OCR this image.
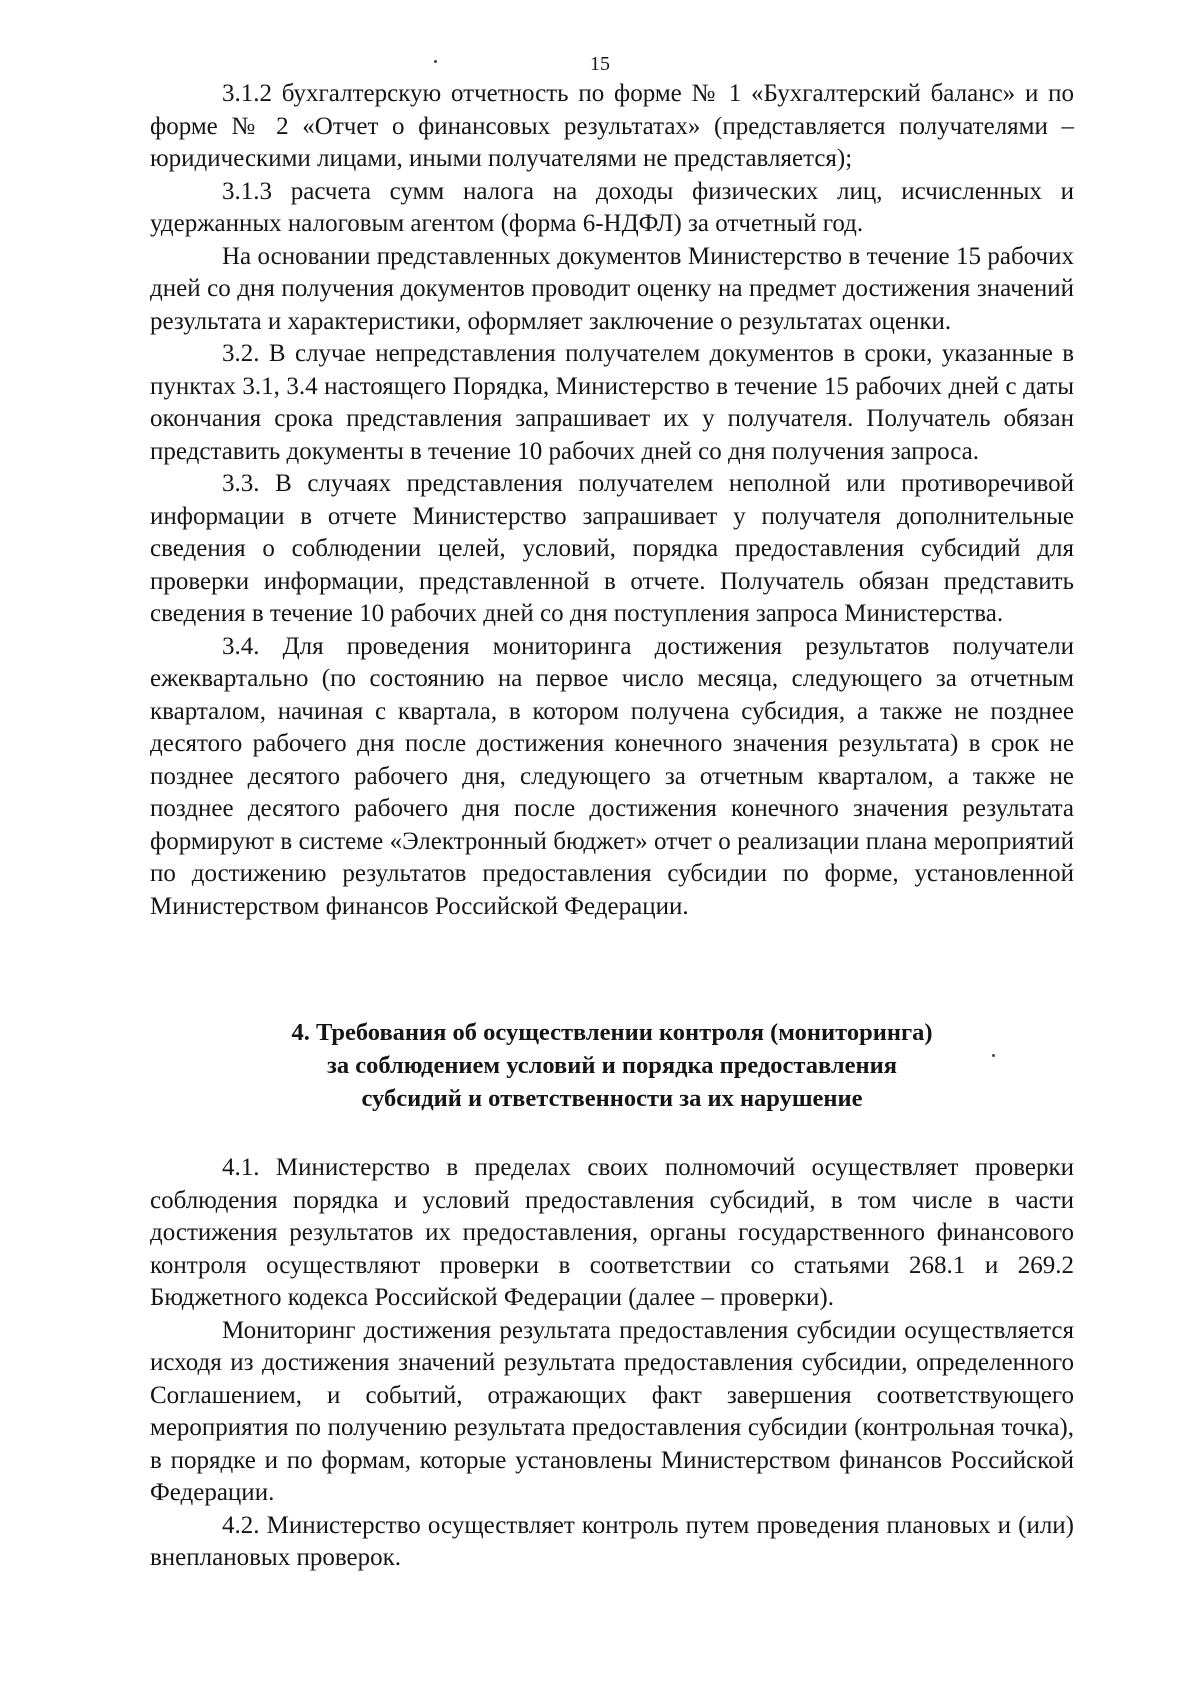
15

3.1.2 бухгалтерскую отчетность по форме № 1 «Бухгалтерский баланс» и по форме № 2 «Отчет о финансовых результатах» (представляется получателями – юридическими лицами, иными получателями не представляется);

3.1.3 расчета сумм налога на доходы физических лиц, исчисленных и удержанных налоговым агентом (форма 6-НДФЛ) за отчетный год.

На основании представленных документов Министерство в течение 15 рабочих дней со дня получения документов проводит оценку на предмет достижения значений результата и характеристики, оформляет заключение о результатах оценки.

3.2. В случае непредставления получателем документов в сроки, указанные в пунктах 3.1, 3.4 настоящего Порядка, Министерство в течение 15 рабочих дней с даты окончания срока представления запрашивает их у получателя. Получатель обязан представить документы в течение 10 рабочих дней со дня получения запроса.

3.3. В случаях представления получателем неполной или противоречивой информации в отчете Министерство запрашивает у получателя дополнительные сведения о соблюдении целей, условий, порядка предоставления субсидий для проверки информации, представленной в отчете. Получатель обязан представить сведения в течение 10 рабочих дней со дня поступления запроса Министерства.

3.4. Для проведения мониторинга достижения результатов получатели ежеквартально (по состоянию на первое число месяца, следующего за отчетным кварталом, начиная с квартала, в котором получена субсидия, а также не позднее десятого рабочего дня после достижения конечного значения результата) в срок не позднее десятого рабочего дня, следующего за отчетным кварталом, а также не позднее десятого рабочего дня после достижения конечного значения результата формируют в системе «Электронный бюджет» отчет о реализации плана мероприятий по достижению результатов предоставления субсидии по форме, установленной Министерством финансов Российской Федерации.

4. Требования об осуществлении контроля (мониторинга)
за соблюдением условий и порядка предоставления
субсидий и ответственности за их нарушение

4.1. Министерство в пределах своих полномочий осуществляет проверки соблюдения порядка и условий предоставления субсидий, в том числе в части достижения результатов их предоставления, органы государственного финансового контроля осуществляют проверки в соответствии со статьями 268.1 и 269.2 Бюджетного кодекса Российской Федерации (далее – проверки).

Мониторинг достижения результата предоставления субсидии осуществляется исходя из достижения значений результата предоставления субсидии, определенного Соглашением, и событий, отражающих факт завершения соответствующего мероприятия по получению результата предоставления субсидии (контрольная точка), в порядке и по формам, которые установлены Министерством финансов Российской Федерации.

4.2. Министерство осуществляет контроль путем проведения плановых и (или) внеплановых проверок.
